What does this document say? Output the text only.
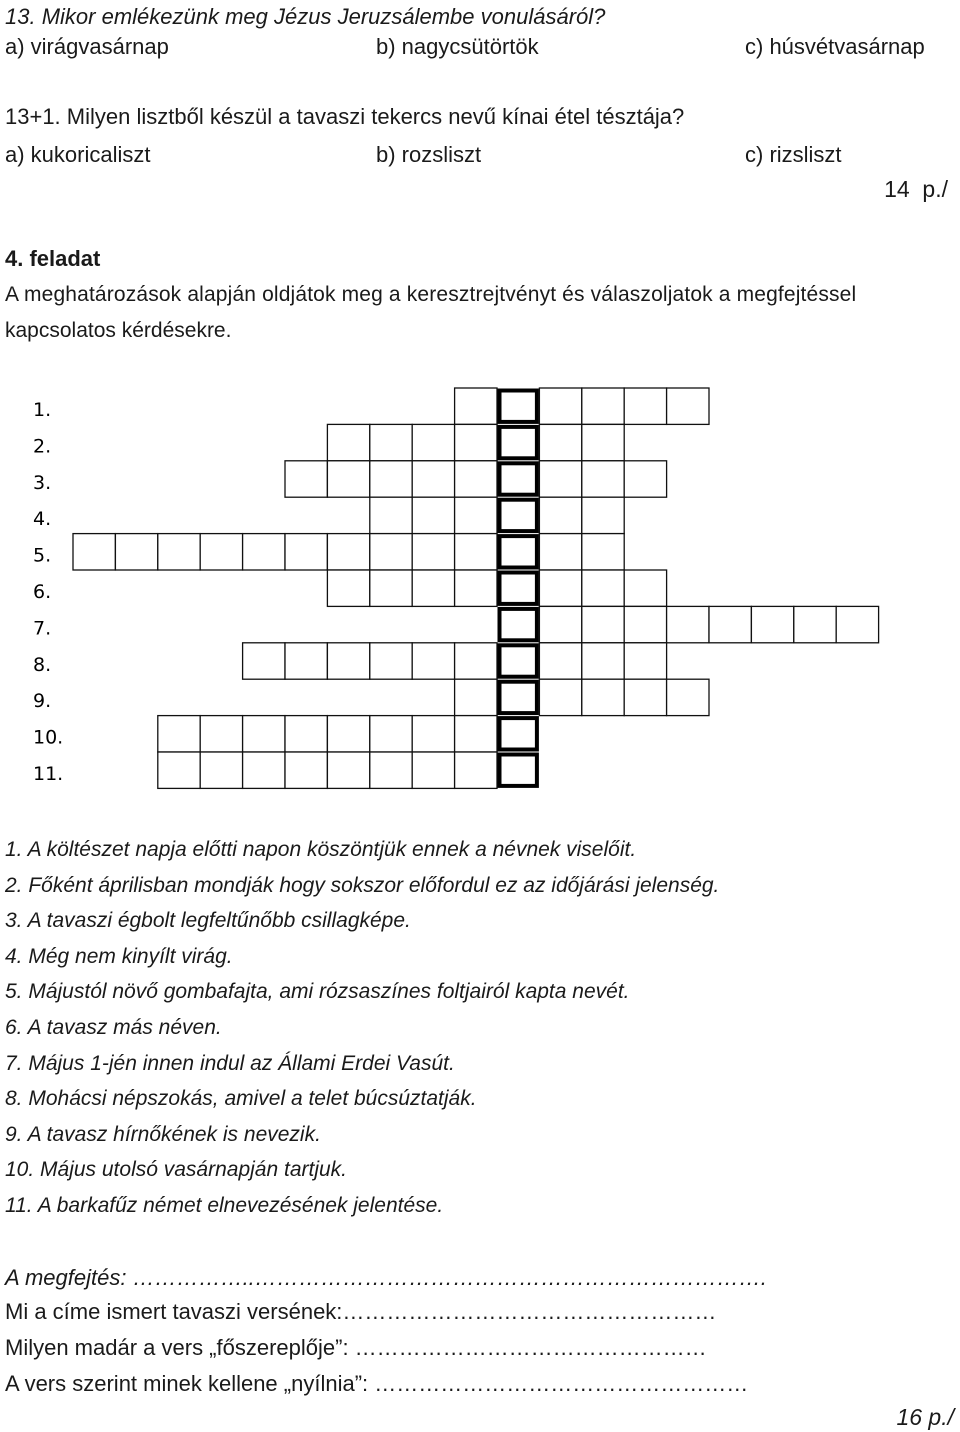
13. Mikor emlékezünk meg Jézus Jeruzsálembe vonulásáról?
a) virágvasárnap	b) nagycsütörtök	c) húsvétvasárnap
13+1. Milyen lisztből készül a tavaszi tekercs nevű kínai étel tésztája?
a) kukoricaliszt	b) rozsliszt	c) rizsliszt
14  p./
4. feladat
A meghatározások alapján oldjátok meg a keresztrejtvényt és válaszoljatok a megfejtéssel
kapcsolatos kérdésekre.
1.
2.
3.
4.
5.
6.
7.
8.
9.
10.
11.
1. A költészet napja előtti napon köszöntjük ennek a névnek viselőit.
2. Főként áprilisban mondják hogy sokszor előfordul ez az időjárási jelenség.
3. A tavaszi égbolt legfeltűnőbb csillagképe.
4. Még nem kinyílt virág.
5. Májustól növő gombafajta, ami rózsaszínes foltjairól kapta nevét.
6. A tavasz más néven.
7. Május 1-jén innen indul az Állami Erdei Vasút.
8. Mohácsi népszokás, amivel a telet búcsúztatják.
9. A tavasz hírnőkének is nevezik.
10. Május utolsó vasárnapján tartjuk.
11. A barkafűz német elnevezésének jelentése.
A megfejtés: ……………..…………………………………………………………….
Mi a címe ismert tavaszi versének:……………………………………………
Milyen madár a vers „főszereplője”: …………………………………………
A vers szerint minek kellene „nyílnia”: ……………………………………………
16 p./
